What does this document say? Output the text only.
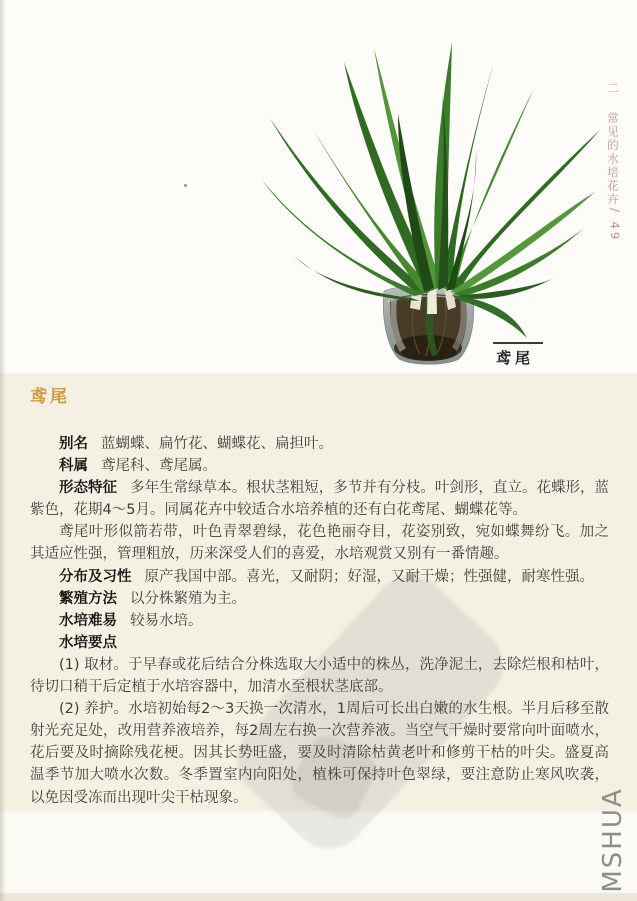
二
常见的水培花卉
/ 49
鸢尾
鸢尾

别名 蓝蝴蝶、扁竹花、蝴蝶花、扁担叶。

科属 鸢尾科、鸢尾属。

形态特征 多年生常绿草本。根状茎粗短，多节并有分枝。叶剑形，直立。花蝶形，蓝紫色，花期4～5月。同属花卉中较适合水培养植的还有白花鸢尾、蝴蝶花等。

鸢尾叶形似箭若带，叶色青翠碧绿，花色艳丽夺目，花姿别致，宛如蝶舞纷飞。加之其适应性强，管理粗放，历来深受人们的喜爱，水培观赏又别有一番情趣。

分布及习性 原产我国中部。喜光，又耐阴；好湿，又耐干燥；性强健，耐寒性强。

繁殖方法 以分株繁殖为主。

水培难易 较易水培。

水培要点

(1) 取材。于早春或花后结合分株选取大小适中的株丛，洗净泥土，去除烂根和枯叶，待切口稍干后定植于水培容器中，加清水至根状茎底部。

(2) 养护。水培初始每2～3天换一次清水，1周后可长出白嫩的水生根。半月后移至散射光充足处，改用营养液培养，每2周左右换一次营养液。当空气干燥时要常向叶面喷水，花后要及时摘除残花梗。因其长势旺盛，要及时清除枯黄老叶和修剪干枯的叶尖。盛夏高温季节加大喷水次数。冬季置室内向阳处，植株可保持叶色翠绿，要注意防止寒风吹袭，以免因受冻而出现叶尖干枯现象。	MSHUA
